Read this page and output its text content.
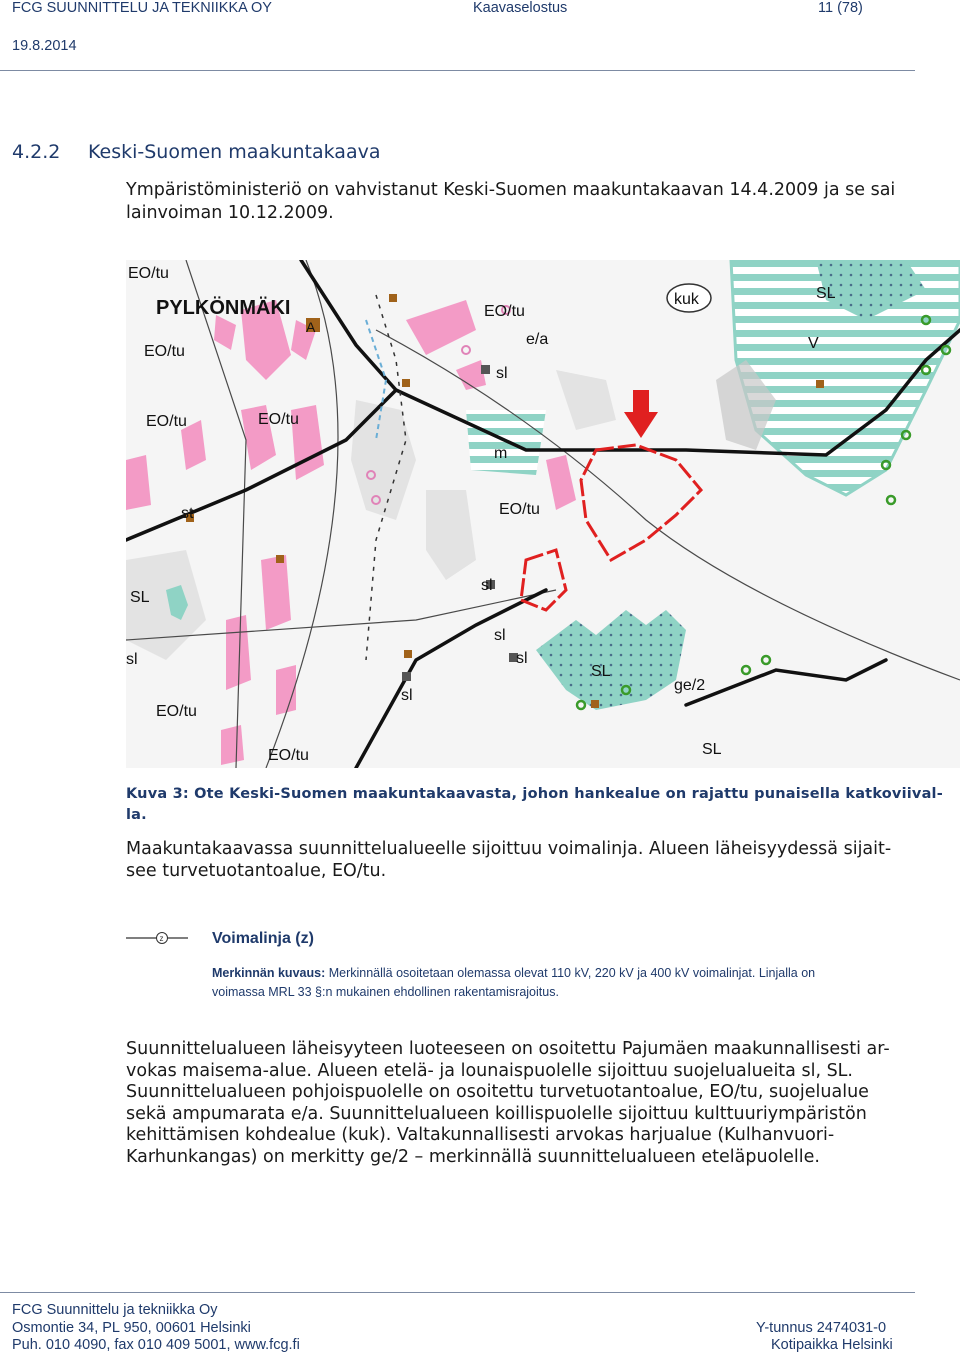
FCG SUUNNITTELU JA TEKNIIKKA OY	Kaavaselostus	11 (78)
19.8.2014
4.2.2 Keski-Suomen maakuntakaava
Ympäristöministeriö on vahvistanut Keski-Suomen maakuntakaavan 14.4.2009 ja se sai
lainvoiman 10.12.2009.
EO/tu
PYLKÖNMÄKI
A
EO/tu
EO/tu
e/a
sl
EO/tu
EO/tu
m
EO/tu
st
SL
sl
sl
sl
sl
sl
SL
ge/2
EO/tu
EO/tu	SL
kuk	SL
V
Kuva 3: Ote Keski-Suomen maakuntakaavasta, johon hankealue on rajattu punaisella katkoviival-
la.
Maakuntakaavassa suunnittelualueelle sijoittuu voimalinja. Alueen läheisyydessä sijait-
see turvetuotantoalue, EO/tu.
z	Voimalinja (z)
Merkinnän kuvaus: Merkinnällä osoitetaan olemassa olevat 110 kV, 220 kV ja 400 kV voimalinjat. Linjalla on
voimassa MRL 33 §:n mukainen ehdollinen rakentamisrajoitus.
Suunnittelualueen läheisyyteen luoteeseen on osoitettu Pajumäen maakunnallisesti ar-
vokas maisema-alue. Alueen etelä- ja lounaispuolelle sijoittuu suojelualueita sl, SL.
Suunnittelualueen pohjoispuolelle on osoitettu turvetuotantoalue, EO/tu, suojelualue
sekä ampumarata e/a. Suunnittelualueen koillispuolelle sijoittuu kulttuuriympäristön
kehittämisen kohdealue (kuk). Valtakunnallisesti arvokas harjualue (Kulhanvuori-
Karhunkangas) on merkitty ge/2 – merkinnällä suunnittelualueen eteläpuolelle.
FCG Suunnittelu ja tekniikka Oy
Osmontie 34, PL 950, 00601 Helsinki
Puh. 010 4090, fax 010 409 5001, www.fcg.fi
Y-tunnus 2474031-0
Kotipaikka Helsinki
